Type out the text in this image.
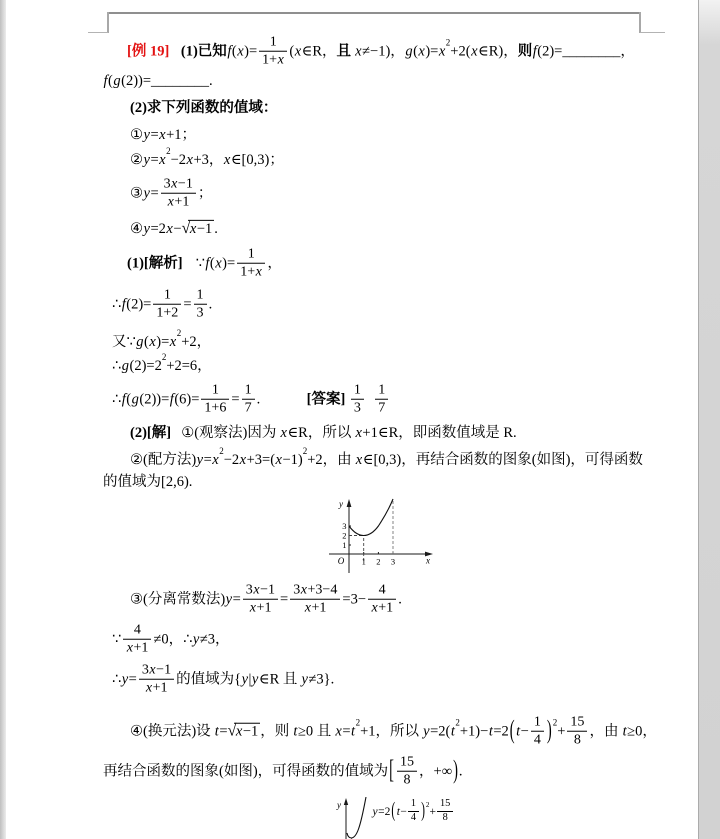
[例 19] (1)已知$f(x)= \frac{1}{1+x}$ (x∈R，且 x≠−1)，$g(x)=x^2+2(x\in R)$，则f(2)=________，
f(g(2))=________.
(2)求下列函数的值域：
①y=x+1；
$②y=x^2-2x+3$，x∈[0,3)；
③y= $\frac{3x-1}{x+1}$ ；
④y=2x−√x−1 .
(1)[解析] ∵f(x)= $\frac{1}{1+x}$ ，
∴f(2)= $\frac{1}{1+2} = \frac{1}{3}$ .
又$\because g(x)=x^2+2$，
$\therefore g(2)=2^2+2=6$，
∴f(g(2))=f(6)= $\frac{1}{1+6} = \frac{1}{7}$ .	[答案] $\frac{1}{3} \frac{1}{7}$
(2)[解] ①(观察法)因为 x∈R，所以 x+1∈R，即函数值域是 R.
②(配方法)$y=x^2-2x+3=(x-1)^2+2$，由 x∈[0,3)，再结合函数的图象(如图)，可得函数
的值域为[2,6).
③(分离常数法)$y= \frac{3x-1}{x+1} = \frac{3x+3-4}{x+1} =3- \frac{4}{x+1}$ .
∵ $\frac{4}{x+1} \ne 0$，∴y≠3，
∴y= $\frac{3x-1}{x+1}$ 的值域为{y|y∈R 且 y≠3}.
④(换元法)设 t=√x−1 ，则 t≥0 且 $x=t^2+1$，所以 $y=2(t^2+1)-t=2$( $t- \frac{1}{4} )^2+ \frac{15}{8}$ ，由 t≥0，
再结合函数的图象(如图)，可得函数的值域为[ $\frac{15}{8}$ ，+∞).
y
3
2
1
O 1 2 3	x
y
y=2( $t- \frac{1}{4} )^2+ \frac{15}{8}$
